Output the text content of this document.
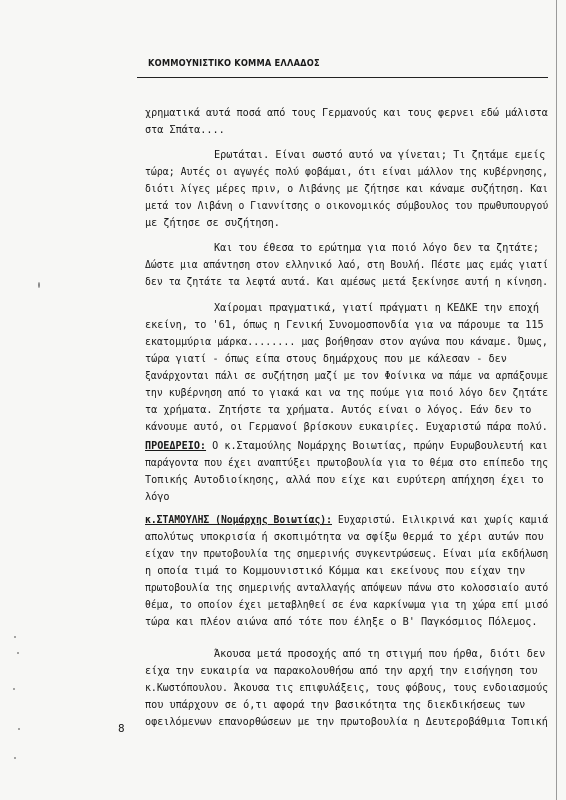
ΚΟΜΜΟΥΝΙΣΤΙΚΟ ΚΟΜΜΑ ΕΛΛΑΔΟΣ
χρηματικά αυτά ποσά από τους Γερμανούς και τους φερνει εδώ μάλιστα
στα Σπάτα....
Ερωτάται. Είναι σωστό αυτό να γίνεται; Τι ζητάμε εμείς
τώρα; Αυτές οι αγωγές πολύ φοβάμαι, ότι είναι μάλλον της κυβέρνησης,
διότι λίγες μέρες πριν, ο Λιβάνης με ζήτησε και κάναμε συζήτηση. Και
μετά τον Λιβάνη ο Γιαννίτσης ο οικονομικός σύμβουλος του πρωθυπουργού
με ζήτησε σε συζήτηση.
Και του έθεσα το ερώτημα για ποιό λόγο δεν τα ζητάτε;
Δώστε μια απάντηση στον ελληνικό λαό, στη Βουλή. Πέστε μας εμάς γιατί
δεν τα ζητάτε τα λεφτά αυτά. Και αμέσως μετά ξεκίνησε αυτή η κίνηση.
Χαίρομαι πραγματικά, γιατί πράγματι η ΚΕΔΚΕ την εποχή
εκείνη, το '61, όπως η Γενική Συνομοσπονδία για να πάρουμε τα 115
εκατομμύρια μάρκα........ μας βοήθησαν στον αγώνα που κάναμε. Όμως,
τώρα γιατί - όπως είπα στους δημάρχους που με κάλεσαν - δεν
ξανάρχονται πάλι σε συζήτηση μαζί με τον Φοίνικα να πάμε να αρπάξουμε
την κυβέρνηση από το γιακά και να της πούμε για ποιό λόγο δεν ζητάτε
τα χρήματα. Ζητήστε τα χρήματα. Αυτός είναι ο λόγος. Εάν δεν το
κάνουμε αυτό, οι Γερμανοί βρίσκουν ευκαιρίες. Ευχαριστώ πάρα πολύ.
ΠΡΟΕΔΡΕΙΟ: Ο κ.Σταμούλης Νομάρχης Βοιωτίας, πρώην Ευρωβουλευτή και
παράγοντα που έχει αναπτύξει πρωτοβουλία για το θέμα στο επίπεδο της
Τοπικής Αυτοδιοίκησης, αλλά που είχε και ευρύτερη απήχηση έχει το
λόγο
κ.ΣΤΑΜΟΥΛΗΣ (Νομάρχης Βοιωτίας): Ευχαριστώ. Ειλικρινά και χωρίς καμιά
απολύτως υποκρισία ή σκοπιμότητα να σφίξω θερμά το χέρι αυτών που
είχαν την πρωτοβουλία της σημερινής συγκεντρώσεως. Είναι μία εκδήλωση
η οποία τιμά το Κομμουνιστικό Κόμμα και εκείνους που είχαν την
πρωτοβουλία της σημερινής ανταλλαγής απόψεων πάνω στο κολοσσιαίο αυτό
θέμα, το οποίον έχει μεταβληθεί σε ένα καρκίνωμα για τη χώρα επί μισό
τώρα και πλέον αιώνα από τότε που έληξε ο Β' Παγκόσμιος Πόλεμος.
Άκουσα μετά προσοχής από τη στιγμή που ήρθα, διότι δεν
είχα την ευκαιρία να παρακολουθήσω από την αρχή την εισήγηση του
κ.Κωστόπουλου. Άκουσα τις επιφυλάξεις, τους φόβους, τους ενδοιασμούς
που υπάρχουν σε ό,τι αφορά την βασικότητα της διεκδικήσεως των
οφειλόμενων επανορθώσεων με την πρωτοβουλία η Δευτεροβάθμια Τοπική
8
